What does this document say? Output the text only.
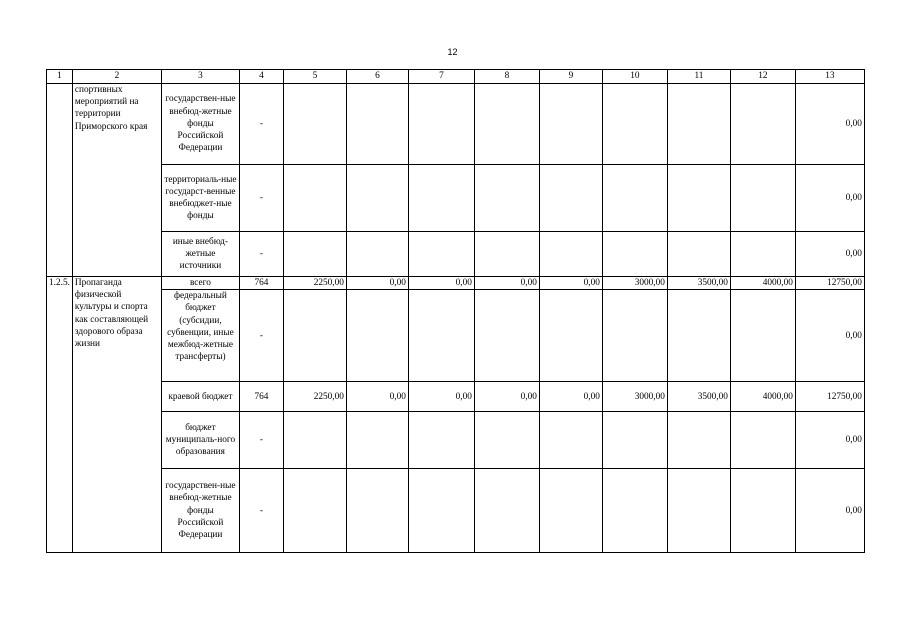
12
1	2	3	4	5	6	7	8	9	10	11	12	13
	спортивных мероприятий на территории Приморского края	государствен-ные внебюд-жетные фонды Российской Федерации	-									0,00
		территориаль-ные государст-венные внебюджет-ные фонды	-									0,00
		иные внебюд-жетные источники	-									0,00
1.2.5.	Пропаганда физической культуры и спорта как составляющей здорового образа жизни	всего	764	2250,00	0,00	0,00	0,00	0,00	3000,00	3500,00	4000,00	12750,00
		федеральный бюджет (субсидии, субвенции, иные межбюд-жетные трансферты)	-									0,00
		краевой бюджет	764	2250,00	0,00	0,00	0,00	0,00	3000,00	3500,00	4000,00	12750,00
		бюджет муниципаль-ного образования	-									0,00
		государствен-ные внебюд-жетные фонды Российской Федерации	-									0,00
